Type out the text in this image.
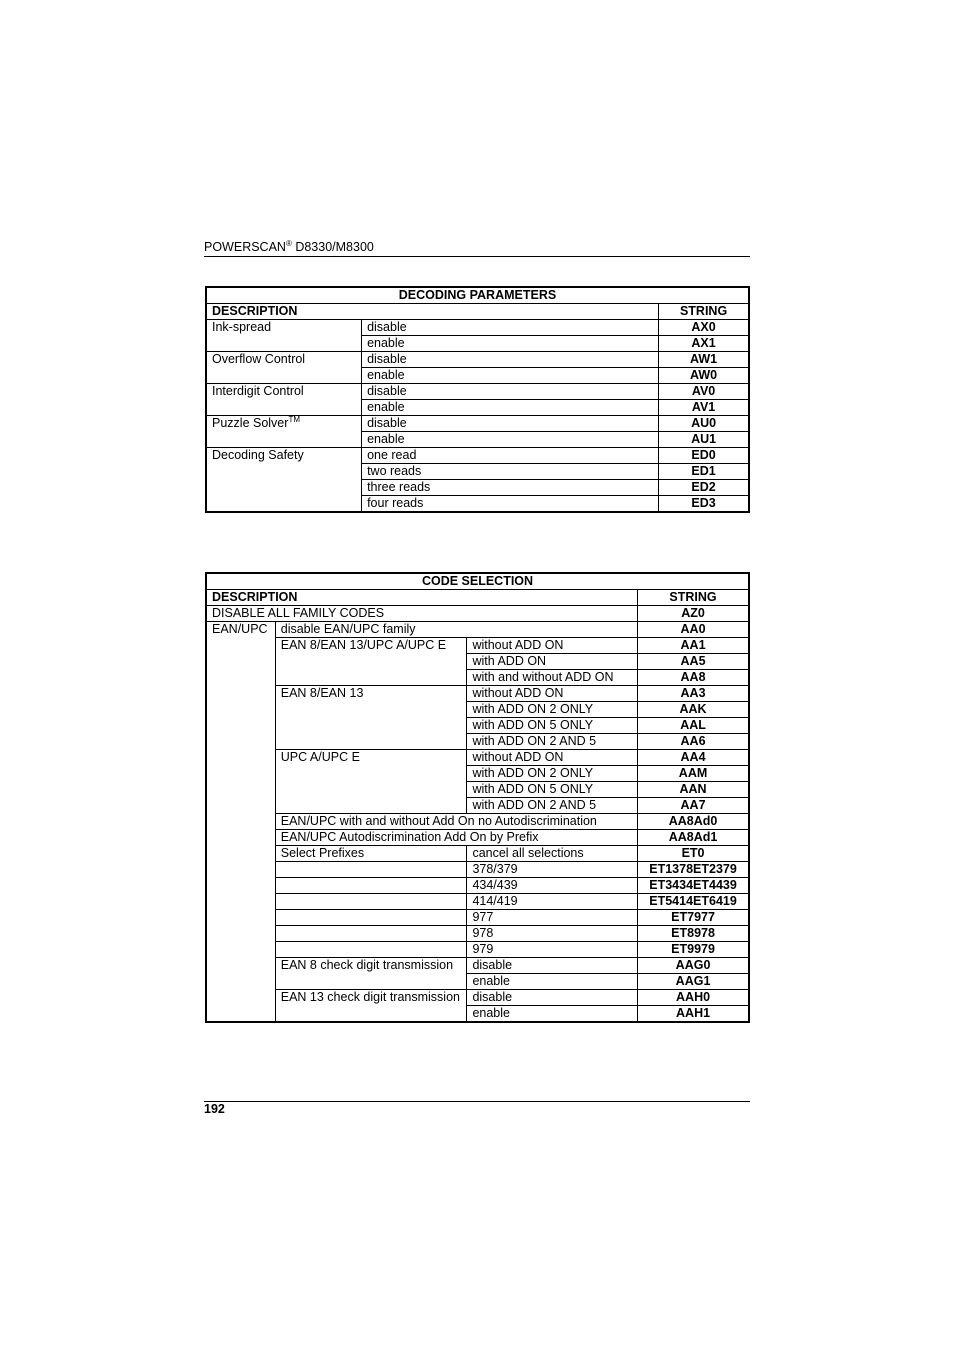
POWERSCAN® D8330/M8300
DECODING PARAMETERS		
DESCRIPTION		STRING
Ink-spread	disable	AX0
	enable	AX1
Overflow Control	disable	AW1
	enable	AW0
Interdigit Control	disable	AV0
	enable	AV1
Puzzle Solver™	disable	AU0
	enable	AU1
Decoding Safety	one read	ED0
	two reads	ED1
	three reads	ED2
	four reads	ED3
CODE SELECTION			
DESCRIPTION			STRING
DISABLE ALL FAMILY CODES			AZ0
EAN/UPC	disable EAN/UPC family		AA0
	EAN 8/EAN 13/UPC A/UPC E	without ADD ON	AA1
		with ADD ON	AA5
		with and without ADD ON	AA8
	EAN 8/EAN 13	without ADD ON	AA3
		with ADD ON 2 ONLY	AAK
		with ADD ON 5 ONLY	AAL
		with ADD ON 2 AND 5	AA6
	UPC A/UPC E	without ADD ON	AA4
		with ADD ON 2 ONLY	AAM
		with ADD ON 5 ONLY	AAN
		with ADD ON 2 AND 5	AA7
	EAN/UPC with and without Add On no Autodiscrimination		AA8Ad0
	EAN/UPC Autodiscrimination Add On by Prefix		AA8Ad1
	Select Prefixes	cancel all selections	ET0
		378/379	ET1378ET2379
		434/439	ET3434ET4439
		414/419	ET5414ET6419
		977	ET7977
		978	ET8978
		979	ET9979
	EAN 8 check digit transmission	disable	AAG0
		enable	AAG1
	EAN 13 check digit transmission	disable	AAH0
		enable	AAH1
192
